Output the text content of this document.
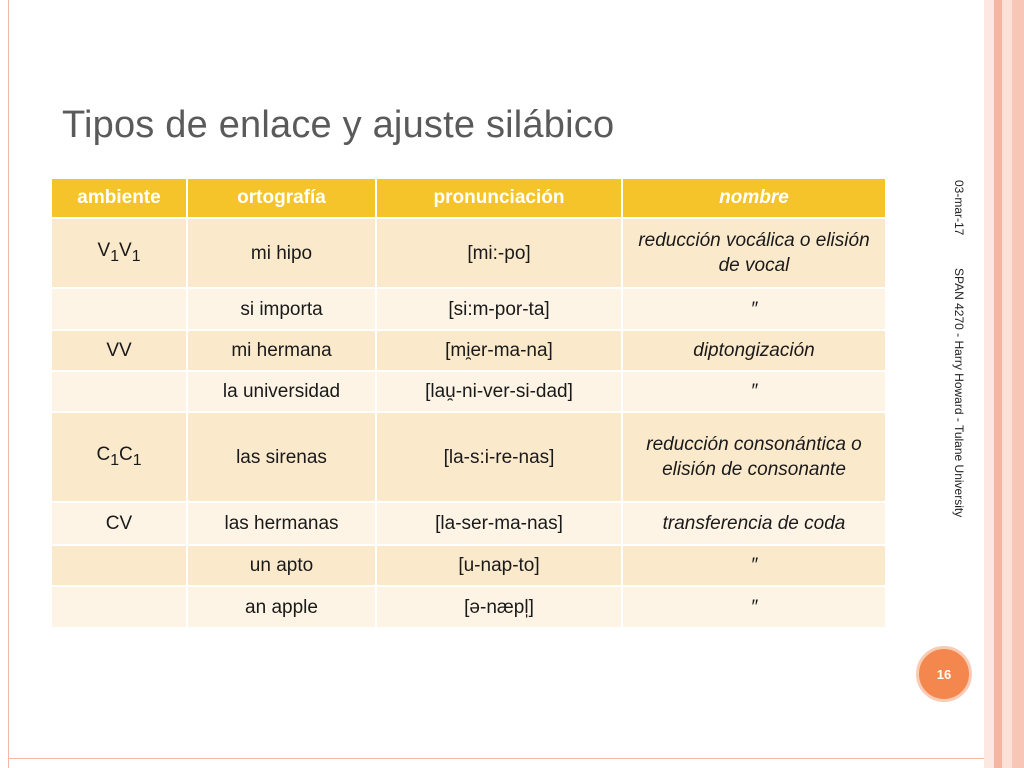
Tipos de enlace y ajuste silábico
ambiente	ortografía	pronunciación	nombre
$V_1V_1$	mi hipo	[mi:-po]	reducción vocálica o elisión de vocal
	si importa	[si:m-por-ta]	″
VV	mi hermana	[mi̯er-ma-na]	diptongización
	la universidad	[lau̯-ni-ver-si-dad]	″
$C_1C_1$	las sirenas	[la-s:i-re-nas]	reducción consonántica o elisión de consonante
CV	las hermanas	[la-ser-ma-nas]	transferencia de coda
	un apto	[u-nap-to]	″
	an apple	[ə-næpl̩]	″
03-mar-17
SPAN 4270 - Harry Howard - Tulane University
16
